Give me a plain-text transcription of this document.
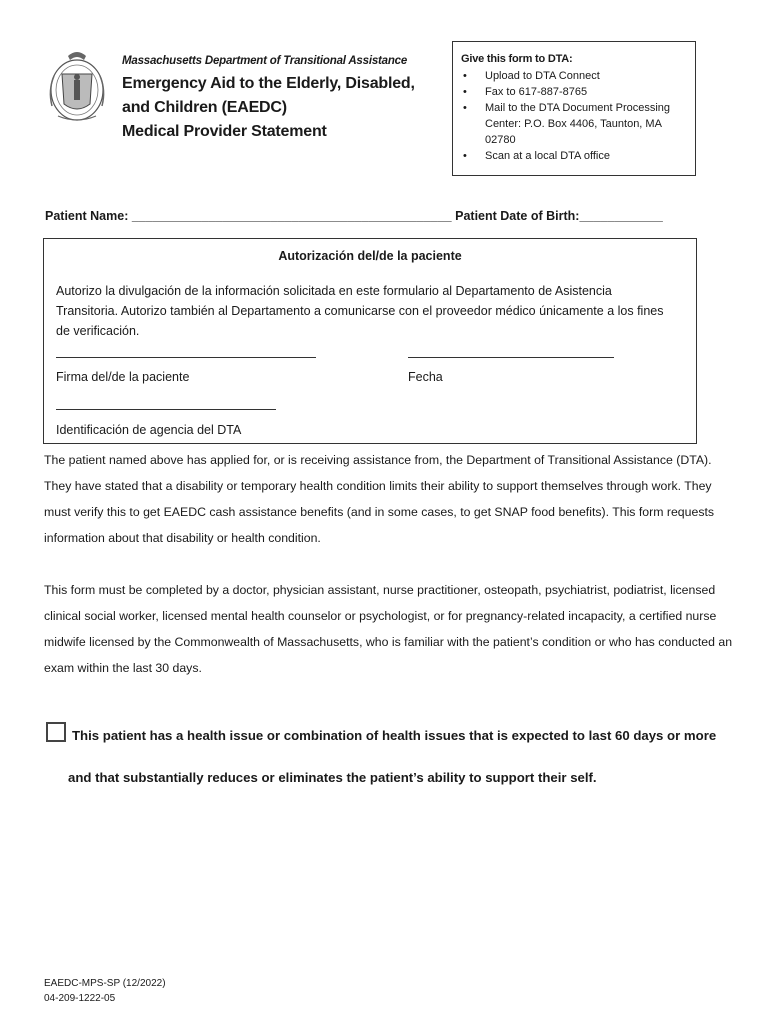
Massachusetts Department of Transitional Assistance
Emergency Aid to the Elderly, Disabled,
and Children (EAEDC)
Medical Provider Statement
Give this form to DTA:
• Upload to DTA Connect
• Fax to 617-887-8765
• Mail to the DTA Document Processing Center: P.O. Box 4406, Taunton, MA 02780
• Scan at a local DTA office
Patient Name: ______________________________________________ Patient Date of Birth:____________
Autorización del/de la paciente
Autorizo la divulgación de la información solicitada en este formulario al Departamento de Asistencia Transitoria. Autorizo también al Departamento a comunicarse con el proveedor médico únicamente a los fines de verificación.
Firma del/de la paciente	Fecha
Identificación de agencia del DTA
The patient named above has applied for, or is receiving assistance from, the Department of Transitional Assistance (DTA). They have stated that a disability or temporary health condition limits their ability to support themselves through work. They must verify this to get EAEDC cash assistance benefits (and in some cases, to get SNAP food benefits). This form requests information about that disability or health condition.
This form must be completed by a doctor, physician assistant, nurse practitioner, osteopath, psychiatrist, podiatrist, licensed clinical social worker, licensed mental health counselor or psychologist, or for pregnancy-related incapacity, a certified nurse midwife licensed by the Commonwealth of Massachusetts, who is familiar with the patient’s condition or who has conducted an exam within the last 30 days.
This patient has a health issue or combination of health issues that is expected to last 60 days or more
and that substantially reduces or eliminates the patient’s ability to support their self.
EAEDC-MPS-SP (12/2022)
04-209-1222-05
